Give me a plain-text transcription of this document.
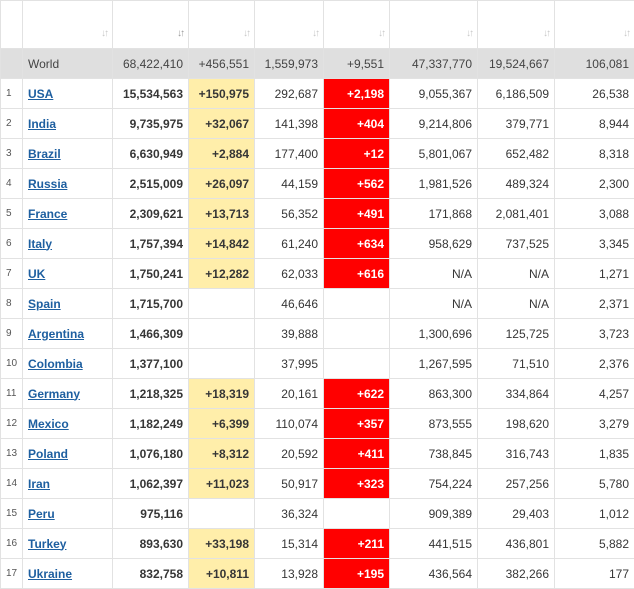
#	Country, Other ↓↑	Total Cases ↓↑	New Cases ↓↑	Total Deaths ↓↑	New Deaths ↓↑	Total Recovered ↓↑	Active Cases ↓↑	Serious, Critical ↓↑

	World	68,422,410	+456,551	1,559,973	+9,551	47,337,770	19,524,667	106,081
1	USA	15,534,563	+150,975	292,687	+2,198	9,055,367	6,186,509	26,538
2	India	9,735,975	+32,067	141,398	+404	9,214,806	379,771	8,944
3	Brazil	6,630,949	+2,884	177,400	+12	5,801,067	652,482	8,318
4	Russia	2,515,009	+26,097	44,159	+562	1,981,526	489,324	2,300
5	France	2,309,621	+13,713	56,352	+491	171,868	2,081,401	3,088
6	Italy	1,757,394	+14,842	61,240	+634	958,629	737,525	3,345
7	UK	1,750,241	+12,282	62,033	+616	N/A	N/A	1,271
8	Spain	1,715,700		46,646		N/A	N/A	2,371
9	Argentina	1,466,309		39,888		1,300,696	125,725	3,723
10	Colombia	1,377,100		37,995		1,267,595	71,510	2,376
11	Germany	1,218,325	+18,319	20,161	+622	863,300	334,864	4,257
12	Mexico	1,182,249	+6,399	110,074	+357	873,555	198,620	3,279
13	Poland	1,076,180	+8,312	20,592	+411	738,845	316,743	1,835
14	Iran	1,062,397	+11,023	50,917	+323	754,224	257,256	5,780
15	Peru	975,116		36,324		909,389	29,403	1,012
16	Turkey	893,630	+33,198	15,314	+211	441,515	436,801	5,882
17	Ukraine	832,758	+10,811	13,928	+195	436,564	382,266	177
